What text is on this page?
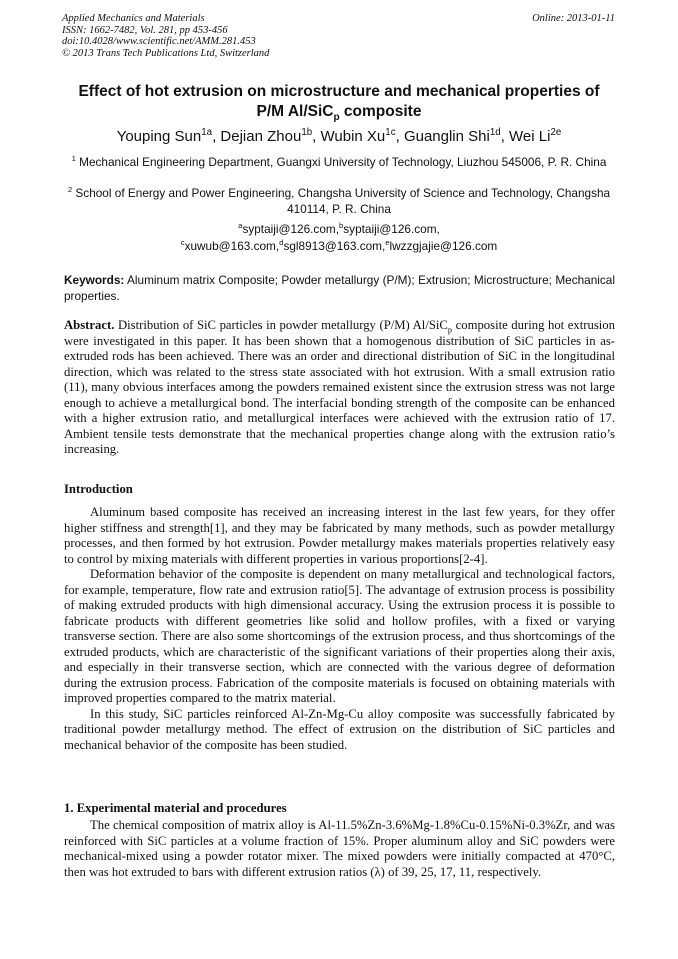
Applied Mechanics and Materials
ISSN: 1662-7482, Vol. 281, pp 453-456
doi:10.4028/www.scientific.net/AMM.281.453
© 2013 Trans Tech Publications Ltd, Switzerland
Online: 2013-01-11
Effect of hot extrusion on microstructure and mechanical properties of
P/M Al/SiC$_p$ composite
Youping Sun$^{1a}$, Dejian Zhou$^{1b}$, Wubin $Xu^{1c}$, Guanglin Shi$^{1d}$, Wei $Li^{2e}$
$^1$ Mechanical Engineering Department, Guangxi University of Technology, Liuzhou 545006, P. R. China
$^2$ School of Energy and Power Engineering, Changsha University of Science and Technology, Changsha 410114, P. R. China
$^a$syptaiji@126.com,$^b$syptaiji@126.com,
$^c$xuwub@163.com,$^d$sgl8913@163.com,$^e$lwzzgjajie@126.com
Keywords: Aluminum matrix Composite; Powder metallurgy (P/M); Extrusion; Microstructure; Mechanical properties.

Abstract. Distribution of SiC particles in powder metallurgy (P/M) Al/SiC$_p$ composite during hot extrusion were investigated in this paper. It has been shown that a homogenous distribution of SiC particles in as-extruded rods has been achieved. There was an order and directional distribution of SiC in the longitudinal direction, which was related to the stress state associated with hot extrusion. With a small extrusion ratio (11), many obvious interfaces among the powders remained existent since the extrusion stress was not large enough to achieve a metallurgical bond. The interfacial bonding strength of the composite can be enhanced with a higher extrusion ratio, and metallurgical interfaces were achieved with the extrusion ratio of 17. Ambient tensile tests demonstrate that the mechanical properties change along with the extrusion ratio’s increasing.

Introduction

Aluminum based composite has received an increasing interest in the last few years, for they offer higher stiffness and strength[1], and they may be fabricated by many methods, such as powder metallurgy processes, and then formed by hot extrusion. Powder metallurgy makes materials properties relatively easy to control by mixing materials with different properties in various proportions[2-4].

Deformation behavior of the composite is dependent on many metallurgical and technological factors, for example, temperature, flow rate and extrusion ratio[5]. The advantage of extrusion process is possibility of making extruded products with high dimensional accuracy. Using the extrusion process it is possible to fabricate products with different geometries like solid and hollow profiles, with a fixed or varying transverse section. There are also some shortcomings of the extrusion process, and thus shortcomings of the extruded products, which are characteristic of the significant variations of their properties along their axis, and especially in their transverse section, which are connected with the various degree of deformation during the extrusion process. Fabrication of the composite materials is focused on obtaining materials with improved properties compared to the matrix material.

In this study, SiC particles reinforced Al-Zn-Mg-Cu alloy composite was successfully fabricated by traditional powder metallurgy method. The effect of extrusion on the distribution of SiC particles and mechanical behavior of the composite has been studied.

1. Experimental material and procedures

The chemical composition of matrix alloy is Al-11.5%Zn-3.6%Mg-1.8%Cu-0.15%Ni-0.3%Zr, and was reinforced with SiC particles at a volume fraction of 15%. Proper aluminum alloy and SiC powders were mechanical-mixed using a powder rotator mixer. The mixed powders were initially compacted at 470°C, then was hot extruded to bars with different extrusion ratios (λ) of 39, 25, 17, 11, respectively.
